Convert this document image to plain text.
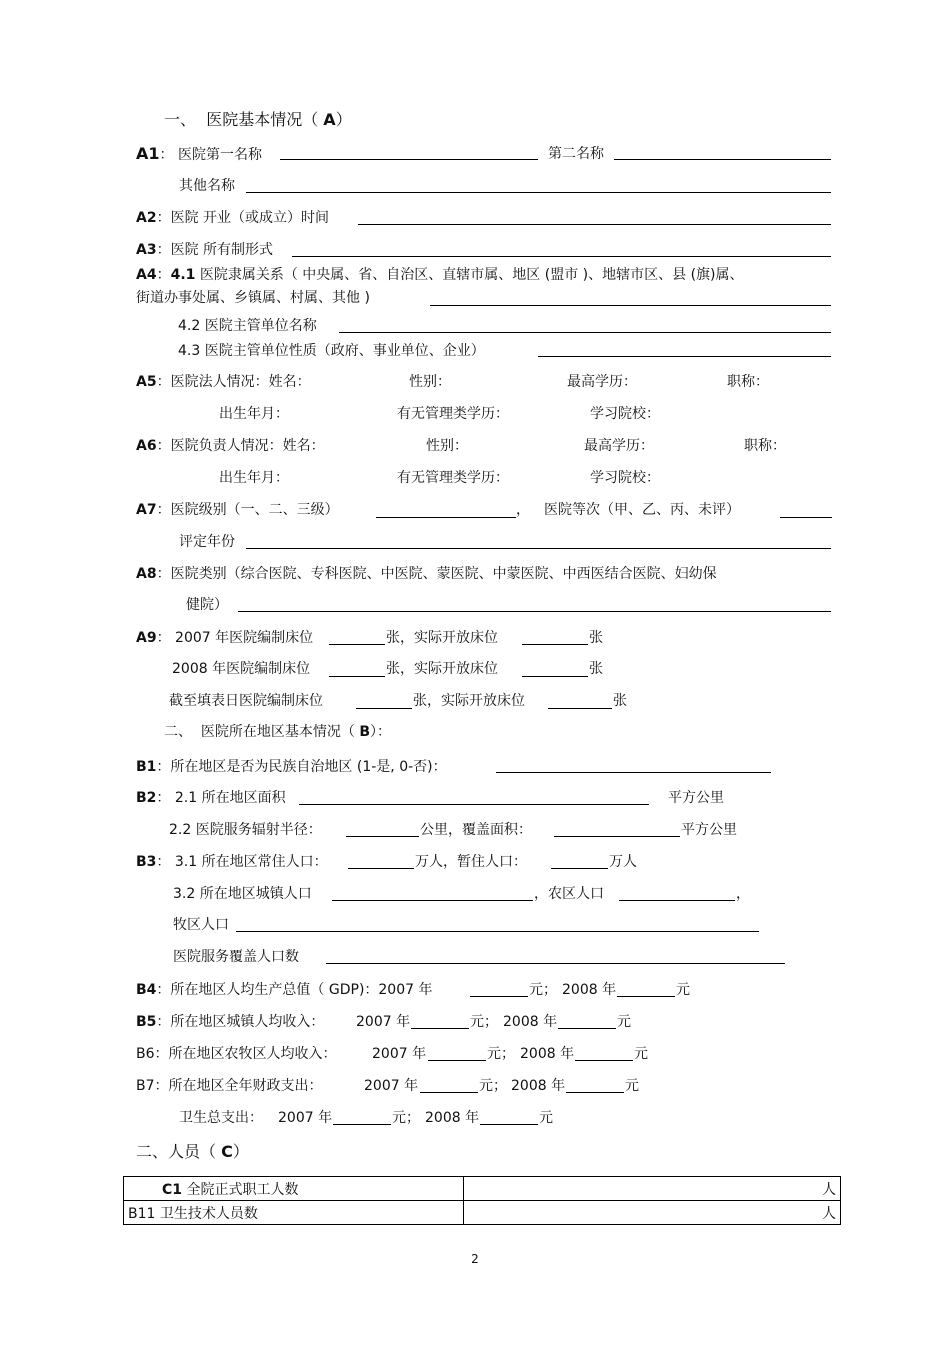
一、 医院基本情况（ A）
A1： 医院第一名称	第二名称
其他名称
A2：医院 开业（或成立）时间
A3：医院 所有制形式
A4：4.1 医院隶属关系（ 中央属、省、自治区、直辖市属、地区 (盟市 )、地辖市区、县 (旗)属、
街道办事处属、乡镇属、村属、其他 )
4.2 医院主管单位名称
4.3 医院主管单位性质（政府、事业单位、企业）
A5：医院法人情况：姓名：	性别：	最高学历：	职称：
出生年月：	有无管理类学历：	学习院校：
A6：医院负责人情况：姓名：	性别：	最高学历：	职称：
出生年月：	有无管理类学历：	学习院校：
A7：医院级别（一、二、三级）	， 医院等次（甲、乙、丙、未评）
评定年份
A8：医院类别（综合医院、专科医院、中医院、蒙医院、中蒙医院、中西医结合医院、妇幼保
健院）
A9： 2007 年医院编制床位	张，实际开放床位	张
2008 年医院编制床位	张，实际开放床位	张
截至填表日医院编制床位	张，实际开放床位	张
二、 医院所在地区基本情况（ B）：
B1：所在地区是否为民族自治地区 (1-是, 0-否)：
B2： 2.1 所在地区面积	平方公里
2.2 医院服务辐射半径：	公里，覆盖面积：	平方公里
B3： 3.1 所在地区常住人口：	万人，暂住人口：	万人
3.2 所在地区城镇人口	，农区人口	，
牧区人口
医院服务覆盖人口数
B4：所在地区人均生产总值（ GDP)：2007 年	元； 2008 年	元
B5：所在地区城镇人均收入： 2007 年	元； 2008 年	元
B6：所在地区农牧区人均收入：	2007 年	元； 2008 年	元
B7：所在地区全年财政支出：	2007 年	元； 2008 年	元
卫生总支出： 2007 年	元； 2008 年	元
二、人员（ C）
C1 全院正式职工人数	人
B11 卫生技术人员数	人
2
